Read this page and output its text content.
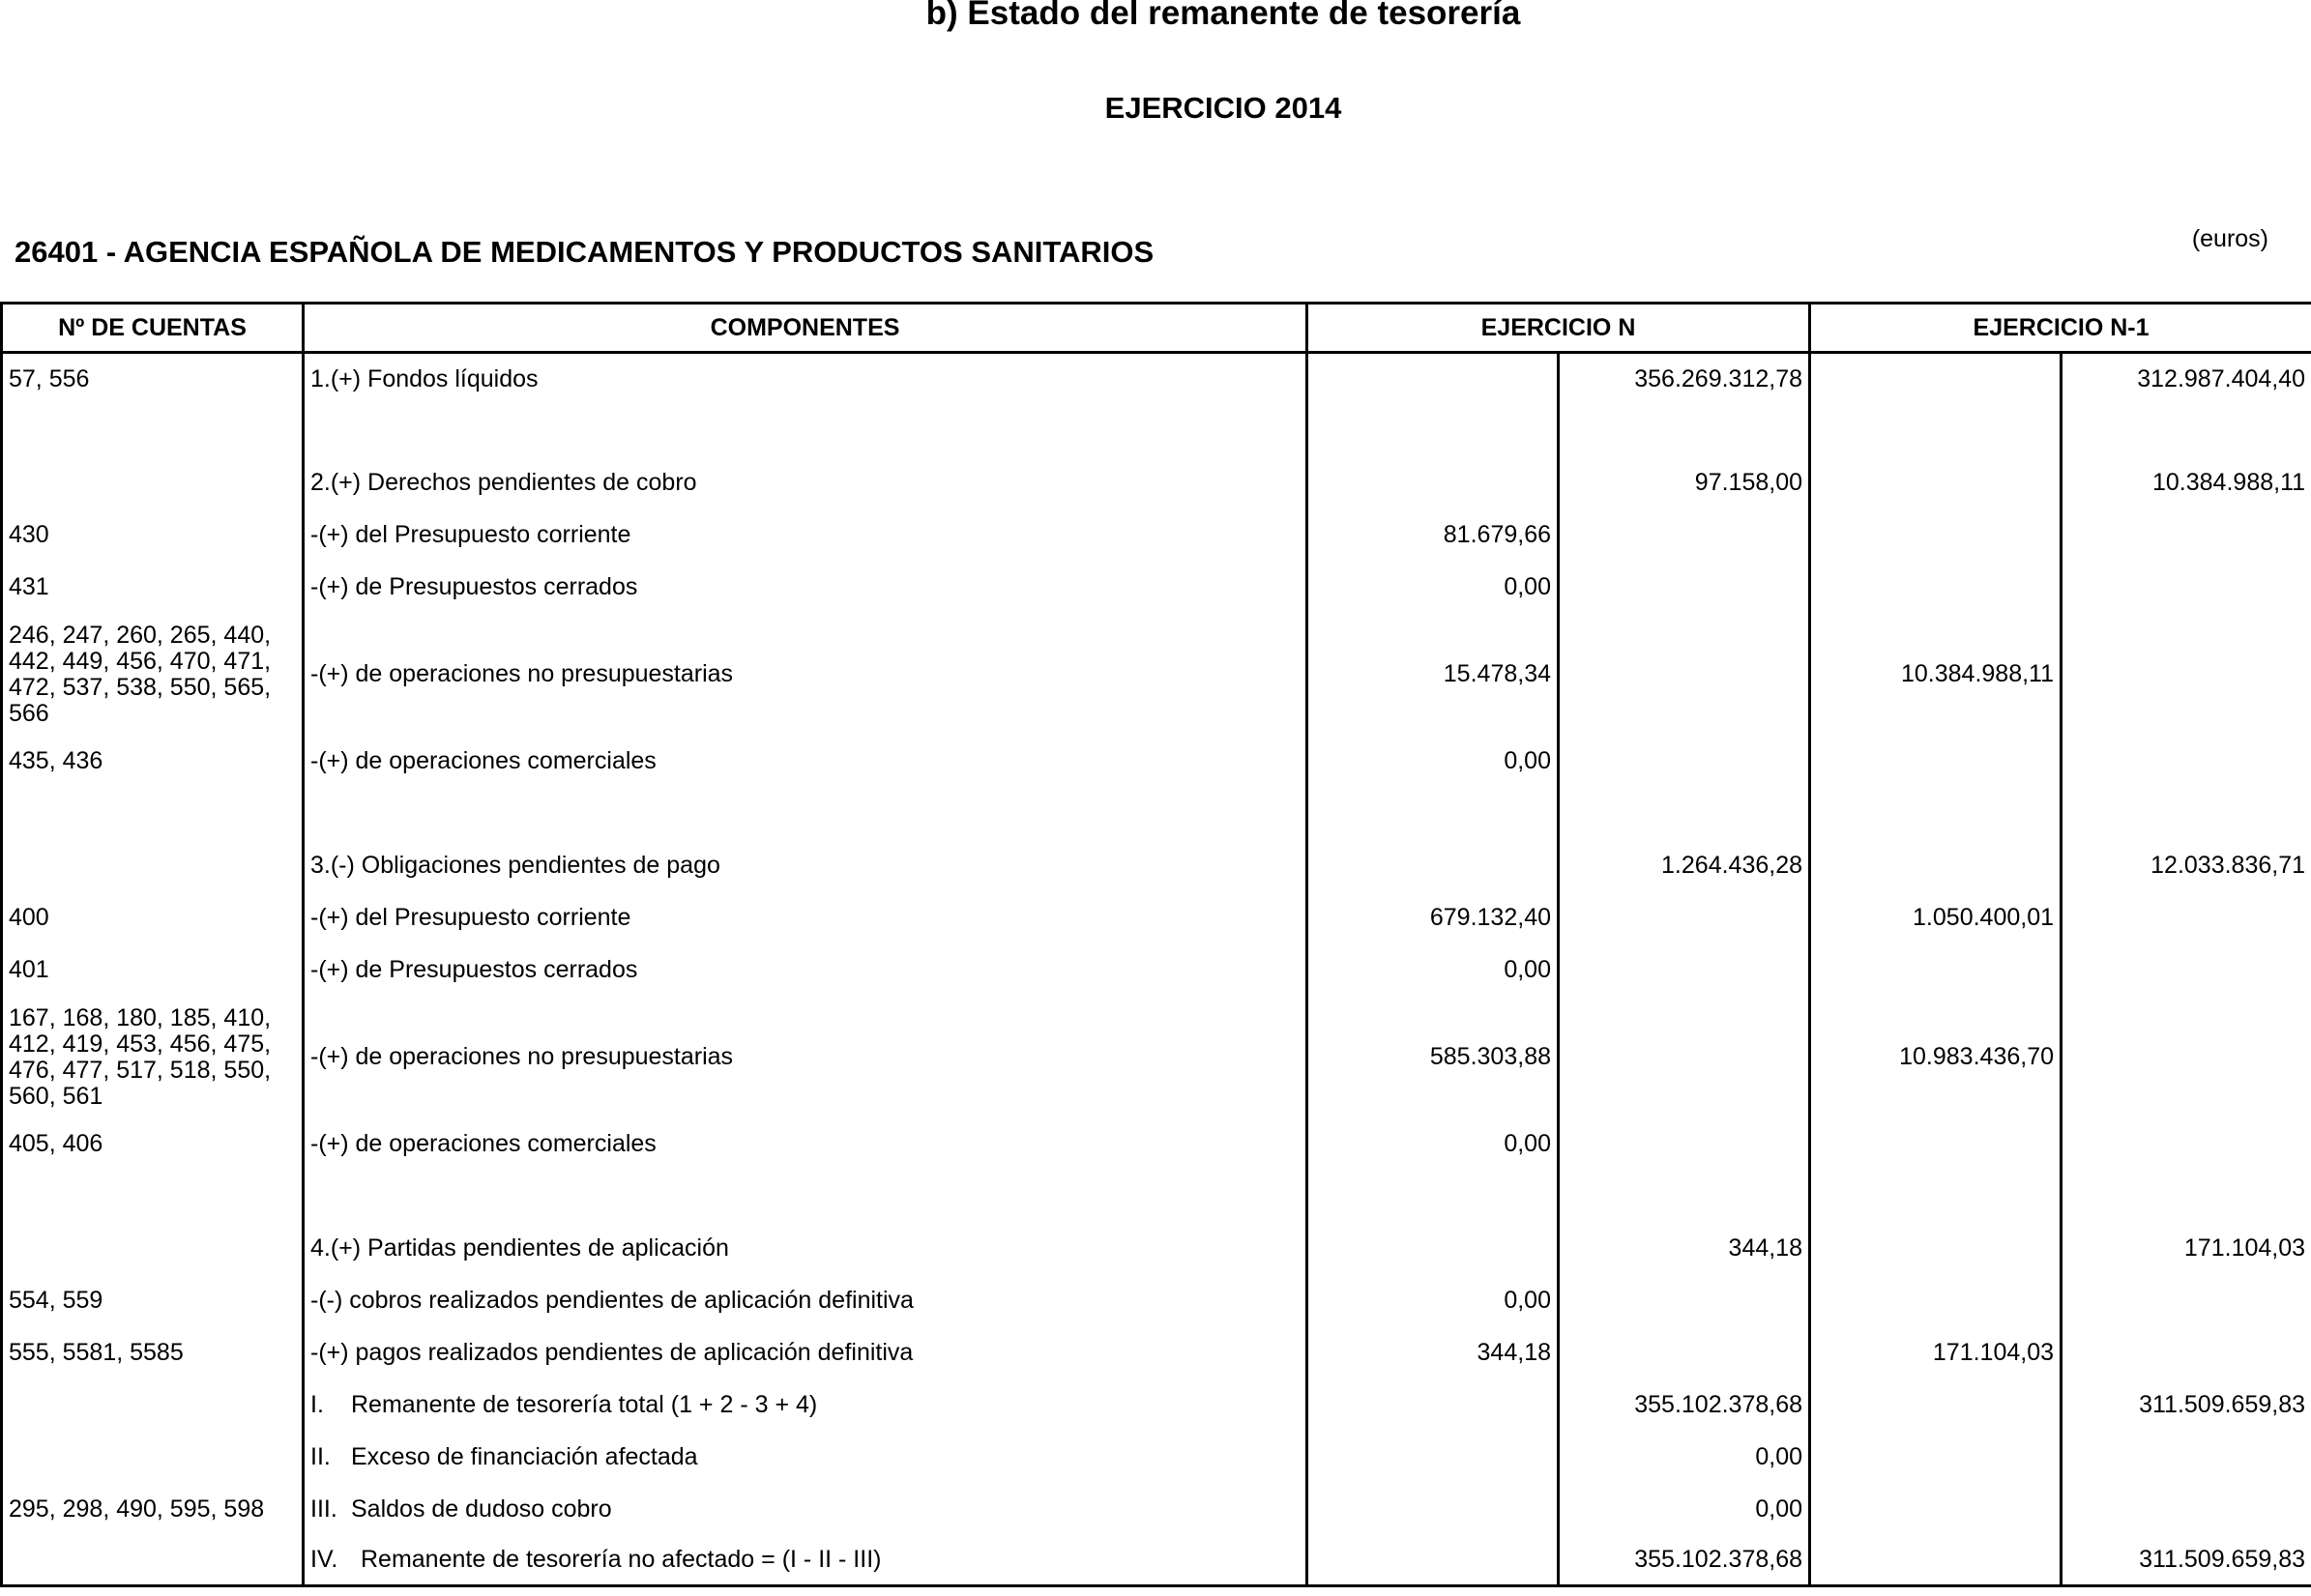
b) Estado del remanente de tesorería
EJERCICIO 2014
26401 - AGENCIA ESPAÑOLA DE MEDICAMENTOS Y PRODUCTOS SANITARIOS	(euros)
Nº DE CUENTAS	COMPONENTES	EJERCICIO N		EJERCICIO N-1	
57, 556	1.(+) Fondos líquidos		356.269.312,78		312.987.404,40

	2.(+) Derechos pendientes de cobro		97.158,00		10.384.988,11
430	-(+) del Presupuesto corriente	81.679,66			
431	-(+) de Presupuestos cerrados	0,00			
246, 247, 260, 265, 440, 442, 449, 456, 470, 471, 472, 537, 538, 550, 565, 566	-(+) de operaciones no presupuestarias	15.478,34		10.384.988,11	
435, 436	-(+) de operaciones comerciales	0,00			

	3.(-) Obligaciones pendientes de pago		1.264.436,28		12.033.836,71
400	-(+) del Presupuesto corriente	679.132,40		1.050.400,01	
401	-(+) de Presupuestos cerrados	0,00			
167, 168, 180, 185, 410, 412, 419, 453, 456, 475, 476, 477, 517, 518, 550, 560, 561	-(+) de operaciones no presupuestarias	585.303,88		10.983.436,70	
405, 406	-(+) de operaciones comerciales	0,00			

	4.(+) Partidas pendientes de aplicación		344,18		171.104,03
554, 559	-(-) cobros realizados pendientes de aplicación definitiva	0,00			
555, 5581, 5585	-(+) pagos realizados pendientes de aplicación definitiva	344,18		171.104,03	
	I. Remanente de tesorería total (1 + 2 - 3 + 4)		355.102.378,68		311.509.659,83
	II. Exceso de financiación afectada		0,00		
295, 298, 490, 595, 598	III. Saldos de dudoso cobro		0,00		
	IV. Remanente de tesorería no afectado = (I - II - III)		355.102.378,68		311.509.659,83
